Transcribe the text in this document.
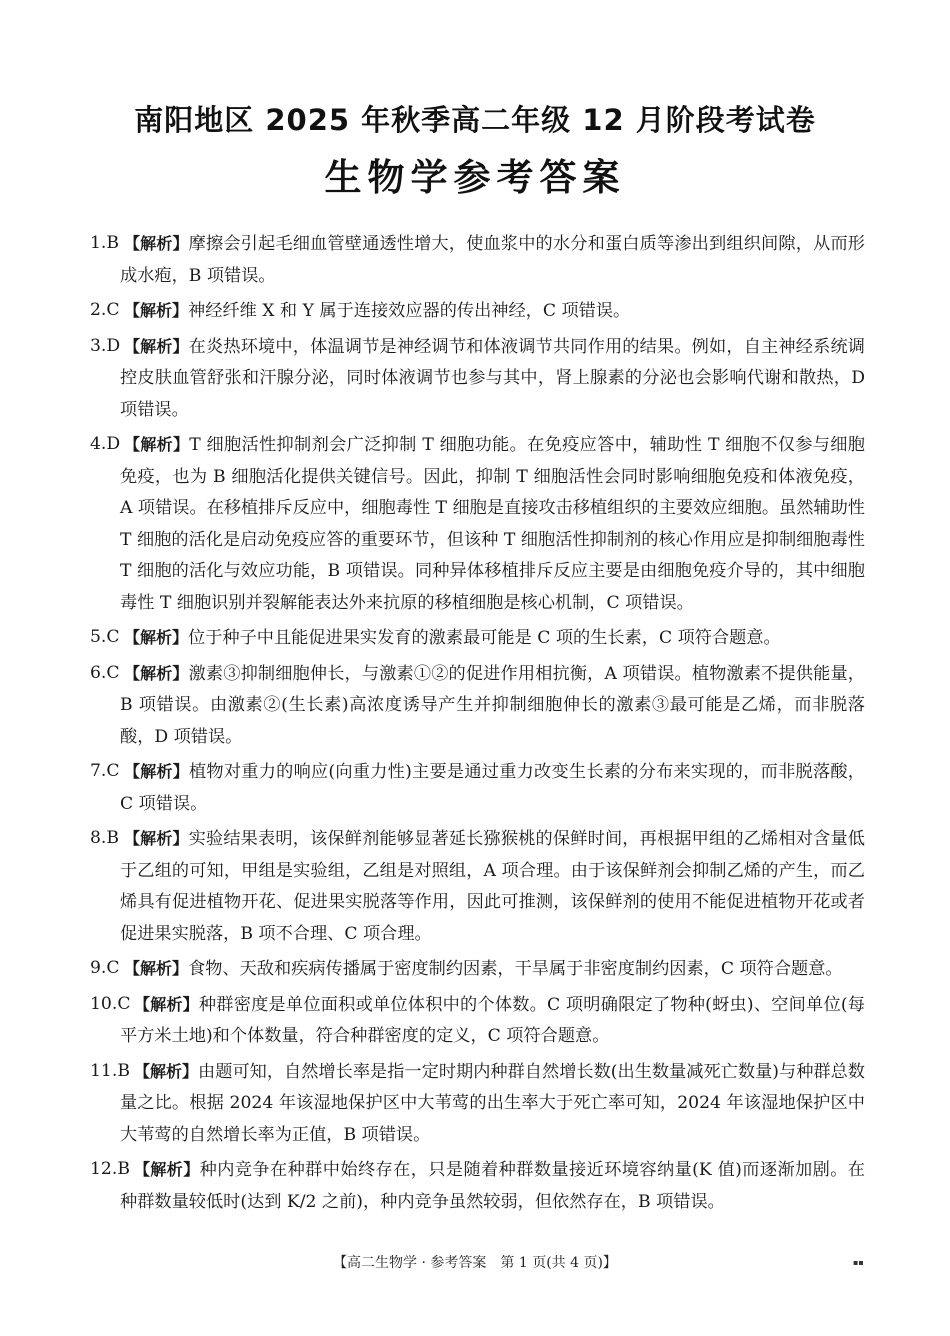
南阳地区 2025 年秋季高二年级 12 月阶段考试卷
生物学参考答案
1.B 【解析】摩擦会引起毛细血管壁通透性增大，使血浆中的水分和蛋白质等渗出到组织间隙，从而形成水疱，B 项错误。
2.C 【解析】神经纤维 X 和 Y 属于连接效应器的传出神经，C 项错误。
3.D 【解析】在炎热环境中，体温调节是神经调节和体液调节共同作用的结果。例如，自主神经系统调控皮肤血管舒张和汗腺分泌，同时体液调节也参与其中，肾上腺素的分泌也会影响代谢和散热，D 项错误。
4.D 【解析】T 细胞活性抑制剂会广泛抑制 T 细胞功能。在免疫应答中，辅助性 T 细胞不仅参与细胞免疫，也为 B 细胞活化提供关键信号。因此，抑制 T 细胞活性会同时影响细胞免疫和体液免疫，A 项错误。在移植排斥反应中，细胞毒性 T 细胞是直接攻击移植组织的主要效应细胞。虽然辅助性 T 细胞的活化是启动免疫应答的重要环节，但该种 T 细胞活性抑制剂的核心作用应是抑制细胞毒性 T 细胞的活化与效应功能，B 项错误。同种异体移植排斥反应主要是由细胞免疫介导的，其中细胞毒性 T 细胞识别并裂解能表达外来抗原的移植细胞是核心机制，C 项错误。
5.C 【解析】位于种子中且能促进果实发育的激素最可能是 C 项的生长素，C 项符合题意。
6.C 【解析】激素③抑制细胞伸长，与激素①②的促进作用相抗衡，A 项错误。植物激素不提供能量，B 项错误。由激素②(生长素)高浓度诱导产生并抑制细胞伸长的激素③最可能是乙烯，而非脱落酸，D 项错误。
7.C 【解析】植物对重力的响应(向重力性)主要是通过重力改变生长素的分布来实现的，而非脱落酸，C 项错误。
8.B 【解析】实验结果表明，该保鲜剂能够显著延长猕猴桃的保鲜时间，再根据甲组的乙烯相对含量低于乙组的可知，甲组是实验组，乙组是对照组，A 项合理。由于该保鲜剂会抑制乙烯的产生，而乙烯具有促进植物开花、促进果实脱落等作用，因此可推测，该保鲜剂的使用不能促进植物开花或者促进果实脱落，B 项不合理、C 项合理。
9.C 【解析】食物、天敌和疾病传播属于密度制约因素，干旱属于非密度制约因素，C 项符合题意。
10.C 【解析】种群密度是单位面积或单位体积中的个体数。C 项明确限定了物种(蚜虫)、空间单位(每平方米土地)和个体数量，符合种群密度的定义，C 项符合题意。
11.B 【解析】由题可知，自然增长率是指一定时期内种群自然增长数(出生数量减死亡数量)与种群总数量之比。根据 2024 年该湿地保护区中大苇莺的出生率大于死亡率可知，2024 年该湿地保护区中大苇莺的自然增长率为正值，B 项错误。
12.B 【解析】种内竞争在种群中始终存在，只是随着种群数量接近环境容纳量(K 值)而逐渐加剧。在种群数量较低时(达到 K/2 之前)，种内竞争虽然较弱，但依然存在，B 项错误。
【高二生物学 · 参考答案　第 1 页(共 4 页)】	▪▪
